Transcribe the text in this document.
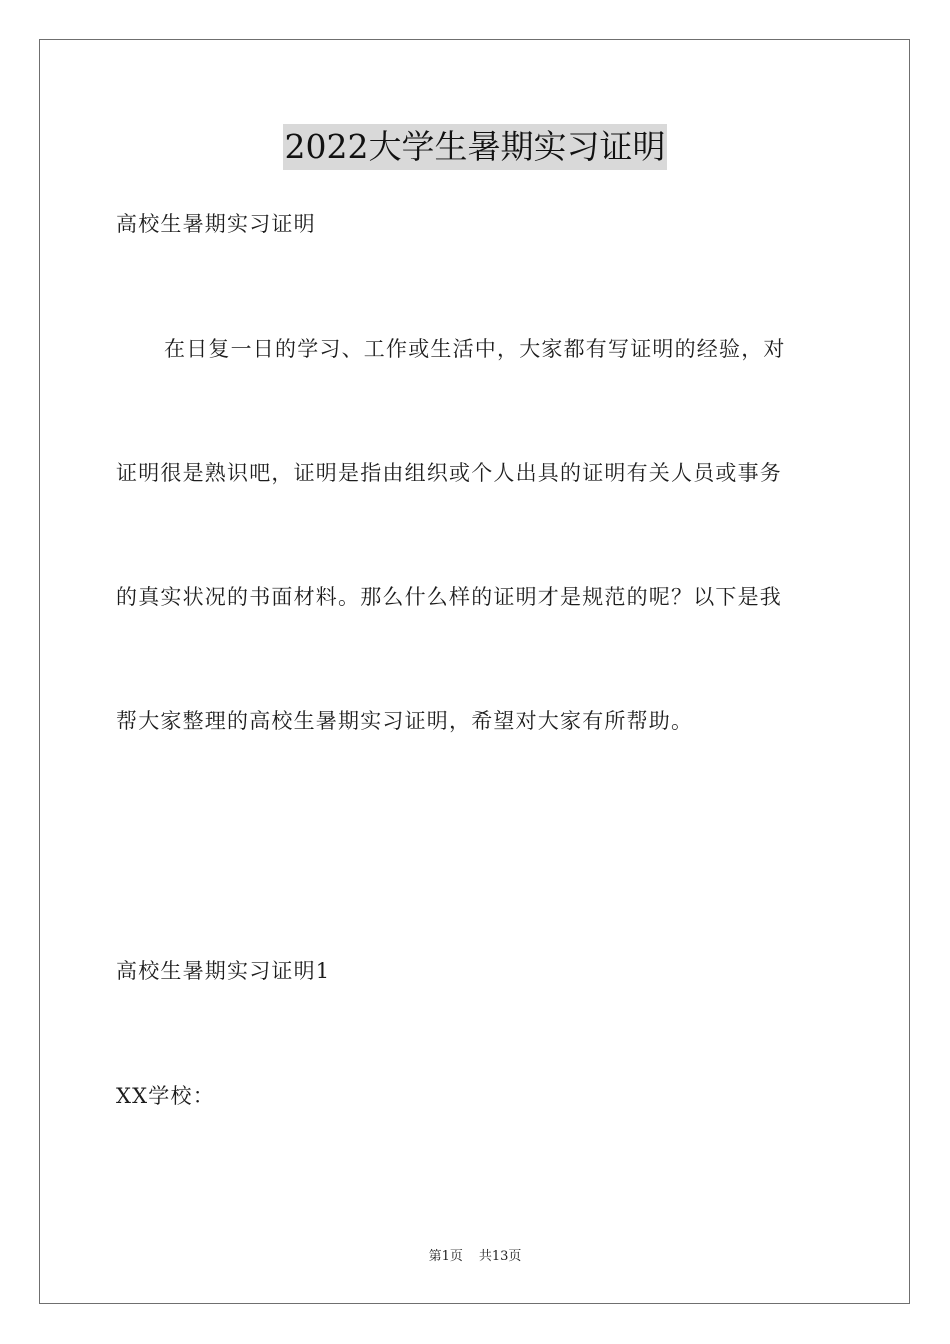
2022大学生暑期实习证明
高校生暑期实习证明
在日复一日的学习、工作或生活中，大家都有写证明的经验，对
证明很是熟识吧，证明是指由组织或个人出具的证明有关人员或事务
的真实状况的书面材料。那么什么样的证明才是规范的呢？以下是我
帮大家整理的高校生暑期实习证明，希望对大家有所帮助。
高校生暑期实习证明1
XX学校：
第1页 共13页
